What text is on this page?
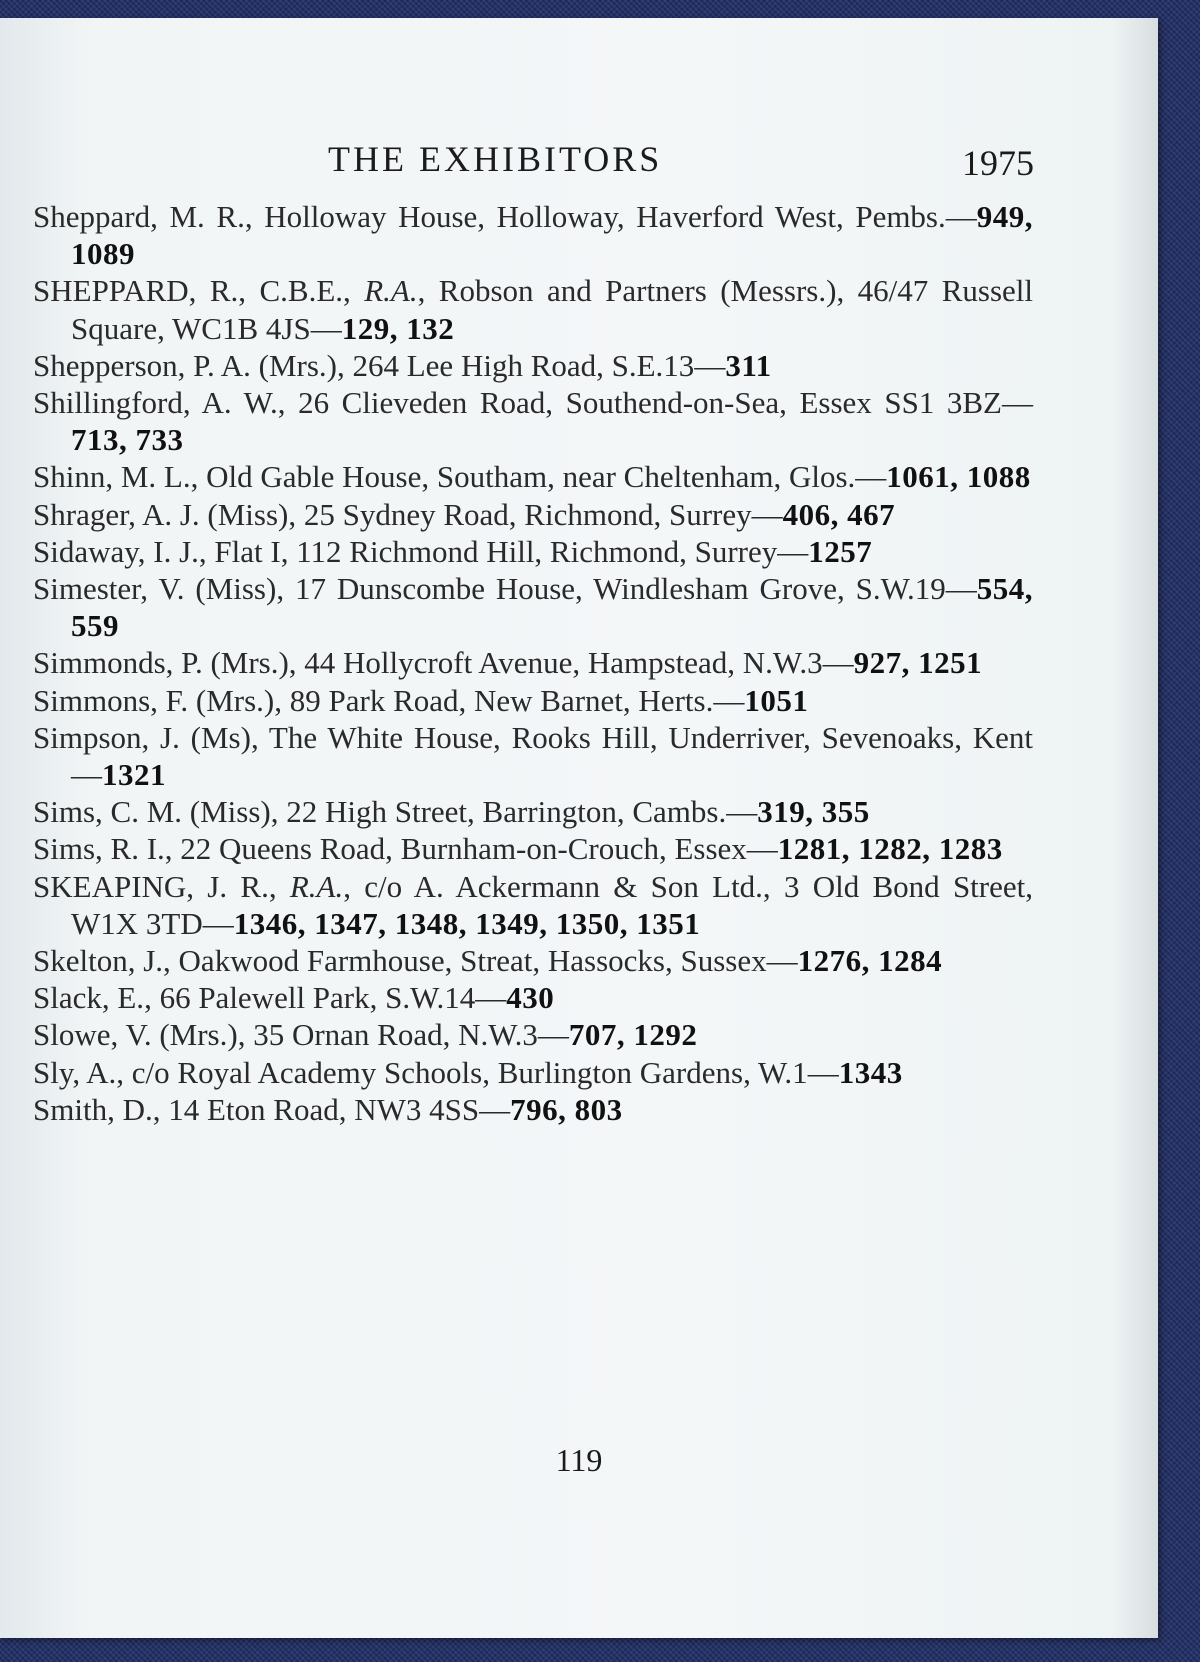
THE EXHIBITORS	1975
Sheppard, M. R., Holloway House, Holloway, Haverford West, Pembs.—949, 1089
SHEPPARD, R., C.B.E., R.A., Robson and Partners (Messrs.), 46/47 Russell Square, WC1B 4JS—129, 132
Shepperson, P. A. (Mrs.), 264 Lee High Road, S.E.13—311
Shillingford, A. W., 26 Clieveden Road, Southend-on-Sea, Essex SS1 3BZ—713, 733
Shinn, M. L., Old Gable House, Southam, near Cheltenham, Glos.—1061, 1088
Shrager, A. J. (Miss), 25 Sydney Road, Richmond, Surrey—406, 467
Sidaway, I. J., Flat I, 112 Richmond Hill, Richmond, Surrey—1257
Simester, V. (Miss), 17 Dunscombe House, Windlesham Grove, S.W.19—554, 559
Simmonds, P. (Mrs.), 44 Hollycroft Avenue, Hampstead, N.W.3—927, 1251
Simmons, F. (Mrs.), 89 Park Road, New Barnet, Herts.—1051
Simpson, J. (Ms), The White House, Rooks Hill, Underriver, Sevenoaks, Kent—1321
Sims, C. M. (Miss), 22 High Street, Barrington, Cambs.—319, 355
Sims, R. I., 22 Queens Road, Burnham-on-Crouch, Essex—1281, 1282, 1283
SKEAPING, J. R., R.A., c/o A. Ackermann & Son Ltd., 3 Old Bond Street, W1X 3TD—1346, 1347, 1348, 1349, 1350, 1351
Skelton, J., Oakwood Farmhouse, Streat, Hassocks, Sussex—1276, 1284
Slack, E., 66 Palewell Park, S.W.14—430
Slowe, V. (Mrs.), 35 Ornan Road, N.W.3—707, 1292
Sly, A., c/o Royal Academy Schools, Burlington Gardens, W.1—1343
Smith, D., 14 Eton Road, NW3 4SS—796, 803
119
